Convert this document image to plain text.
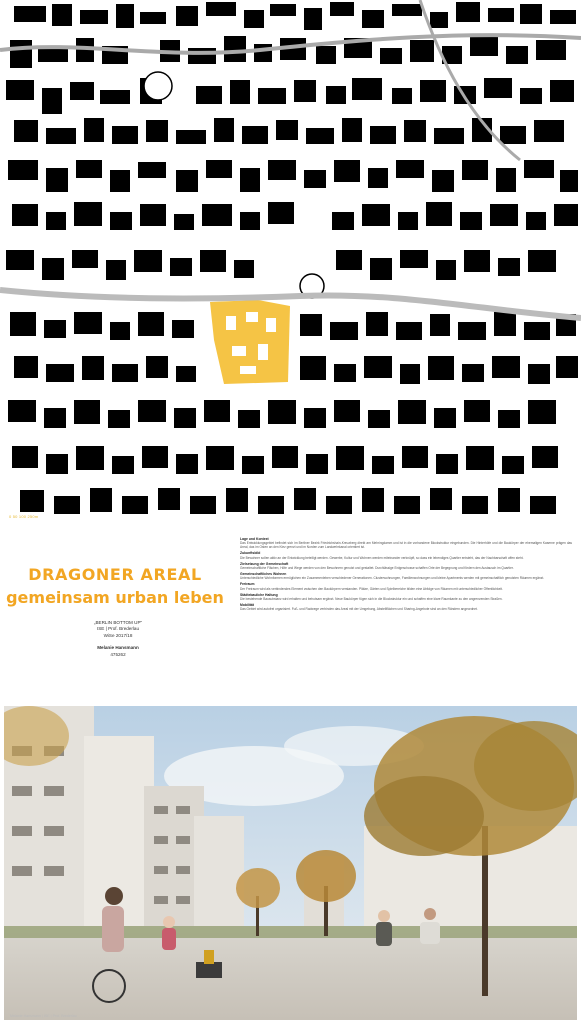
0 50 100 250m
DRAGONER AREAL
gemeinsam urban leben
„BERLIN BOTTOM UP“
ISE | Prof. Brederlau
WiSe 2017/18
Melanie Hansmann
475262
Lage und Kontext

Das Entwicklungsgebiet befindet sich im Berliner Bezirk Friedrichshain-Kreuzberg direkt am Mehringdamm und ist in die vorhandene Blockstruktur eingebunden. Die Hinterhöfe und die Baukörper der ehemaligen Kaserne prägen das Areal, das im Osten an den Kiez grenzt und im Norden zum Landwehrkanal orientiert ist.

Zukunftsbild

Die Bewohner sollen aktiv an der Entwicklung beteiligt werden. Gewerbe, Kultur und Wohnen werden miteinander verknüpft, so dass ein lebendiges Quartier entsteht, das der Nachbarschaft offen steht.

Zielsetzung der Gemeinschaft

Gemeinschaftliche Flächen, Höfe und Wege werden von den Bewohnern genutzt und gestaltet. Durchlässige Erdgeschosse schaffen Orte der Begegnung und fördern den Austausch im Quartier.

Gemeinschaftliches Wohnen

Unterschiedliche Wohnformen ermöglichen ein Zusammenleben verschiedener Generationen. Clusterwohnungen, Familienwohnungen und kleine Apartments werden mit gemeinschaftlich genutzten Räumen ergänzt.

Freiraum

Der Freiraum wird als verbindendes Element zwischen den Baukörpern verstanden. Plätze, Gärten und Spielbereiche bilden eine Abfolge von Räumen mit unterschiedlicher Öffentlichkeit.

Städtebauliche Haltung

Die bestehende Bausubstanz wird erhalten und behutsam ergänzt. Neue Baukörper fügen sich in die Blockstruktur ein und schaffen eine klare Raumkante zu den angrenzenden Straßen.

Mobilität

Das Gebiet wird autofrei organisiert. Fuß- und Radwege verbinden das Areal mit der Umgebung, Abstellflächen und Sharing-Angebote sind an den Rändern angeordnet.

Melanie Hansmann | ISE | Prof. Brederlau
